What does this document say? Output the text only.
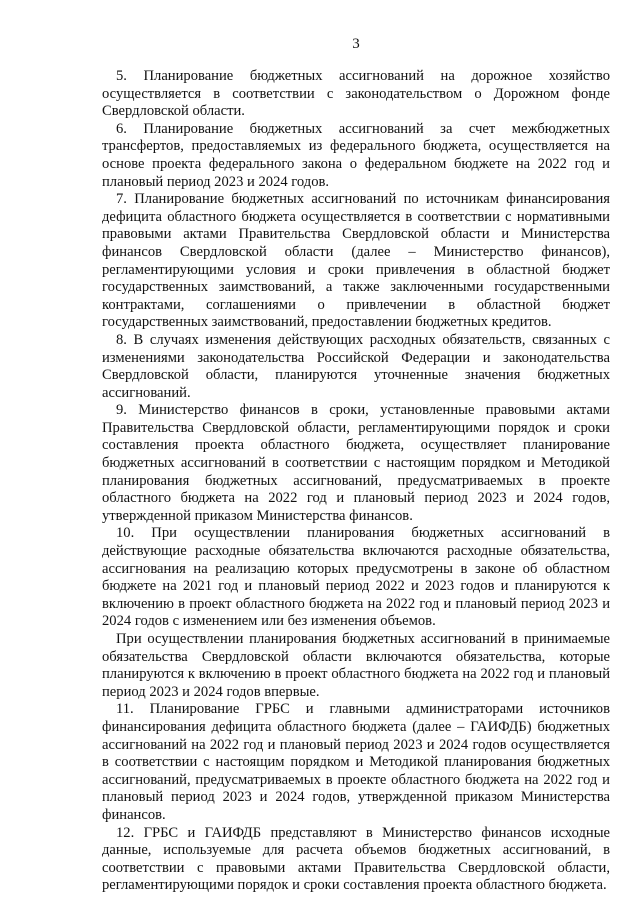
3

5. Планирование бюджетных ассигнований на дорожное хозяйство осуществляется в соответствии с законодательством о Дорожном фонде Свердловской области.

6. Планирование бюджетных ассигнований за счет межбюджетных трансфертов, предоставляемых из федерального бюджета, осуществляется на основе проекта федерального закона о федеральном бюджете на 2022 год и плановый период 2023 и 2024 годов.

7. Планирование бюджетных ассигнований по источникам финансирования дефицита областного бюджета осуществляется в соответствии с нормативными правовыми актами Правительства Свердловской области и Министерства финансов Свердловской области (далее – Министерство финансов), регламентирующими условия и сроки привлечения в областной бюджет государственных заимствований, а также заключенными государственными контрактами, соглашениями о привлечении в областной бюджет государственных заимствований, предоставлении бюджетных кредитов.

8. В случаях изменения действующих расходных обязательств, связанных с изменениями законодательства Российской Федерации и законодательства Свердловской области, планируются уточненные значения бюджетных ассигнований.

9. Министерство финансов в сроки, установленные правовыми актами Правительства Свердловской области, регламентирующими порядок и сроки составления проекта областного бюджета, осуществляет планирование бюджетных ассигнований в соответствии с настоящим порядком и Методикой планирования бюджетных ассигнований, предусматриваемых в проекте областного бюджета на 2022 год и плановый период 2023 и 2024 годов, утвержденной приказом Министерства финансов.

10. При осуществлении планирования бюджетных ассигнований в действующие расходные обязательства включаются расходные обязательства, ассигнования на реализацию которых предусмотрены в законе об областном бюджете на 2021 год и плановый период 2022 и 2023 годов и планируются к включению в проект областного бюджета на 2022 год и плановый период 2023 и 2024 годов с изменением или без изменения объемов.

При осуществлении планирования бюджетных ассигнований в принимаемые обязательства Свердловской области включаются обязательства, которые планируются к включению в проект областного бюджета на 2022 год и плановый период 2023 и 2024 годов впервые.

11. Планирование ГРБС и главными администраторами источников финансирования дефицита областного бюджета (далее – ГАИФДБ) бюджетных ассигнований на 2022 год и плановый период 2023 и 2024 годов осуществляется в соответствии с настоящим порядком и Методикой планирования бюджетных ассигнований, предусматриваемых в проекте областного бюджета на 2022 год и плановый период 2023 и 2024 годов, утвержденной приказом Министерства финансов.

12. ГРБС и ГАИФДБ представляют в Министерство финансов исходные данные, используемые для расчета объемов бюджетных ассигнований, в соответствии с правовыми актами Правительства Свердловской области, регламентирующими порядок и сроки составления проекта областного бюджета.
